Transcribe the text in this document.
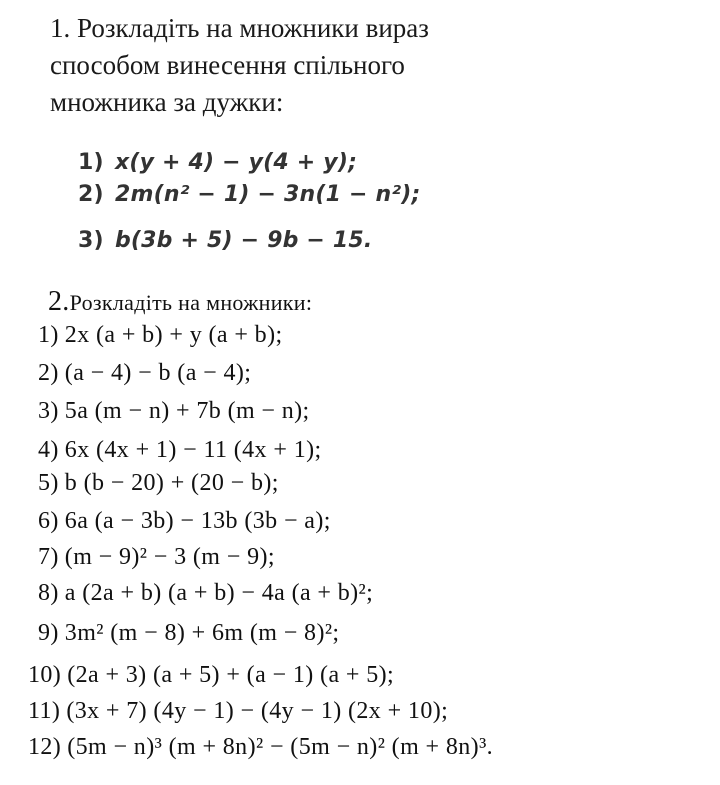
1. Розкладіть на множники вираз
способом винесення спільного
множника за дужки:
1) x(y + 4) − y(4 + y);
2) 2m(n² − 1) − 3n(1 − n²);
3) b(3b + 5) − 9b − 15.
2.Розкладіть на множники:
1) 2x (a + b) + y (a + b);
2) (a − 4) − b (a − 4);
3) 5a (m − n) + 7b (m − n);
4) 6x (4x + 1) − 11 (4x + 1);
5) b (b − 20) + (20 − b);
6) 6a (a − 3b) − 13b (3b − a);
7) (m − 9)² − 3 (m − 9);
8) a (2a + b) (a + b) − 4a (a + b)²;
9) 3m² (m − 8) + 6m (m − 8)²;
10) (2a + 3) (a + 5) + (a − 1) (a + 5);
11) (3x + 7) (4y − 1) − (4y − 1) (2x + 10);
12) (5m − n)³ (m + 8n)² − (5m − n)² (m + 8n)³.
